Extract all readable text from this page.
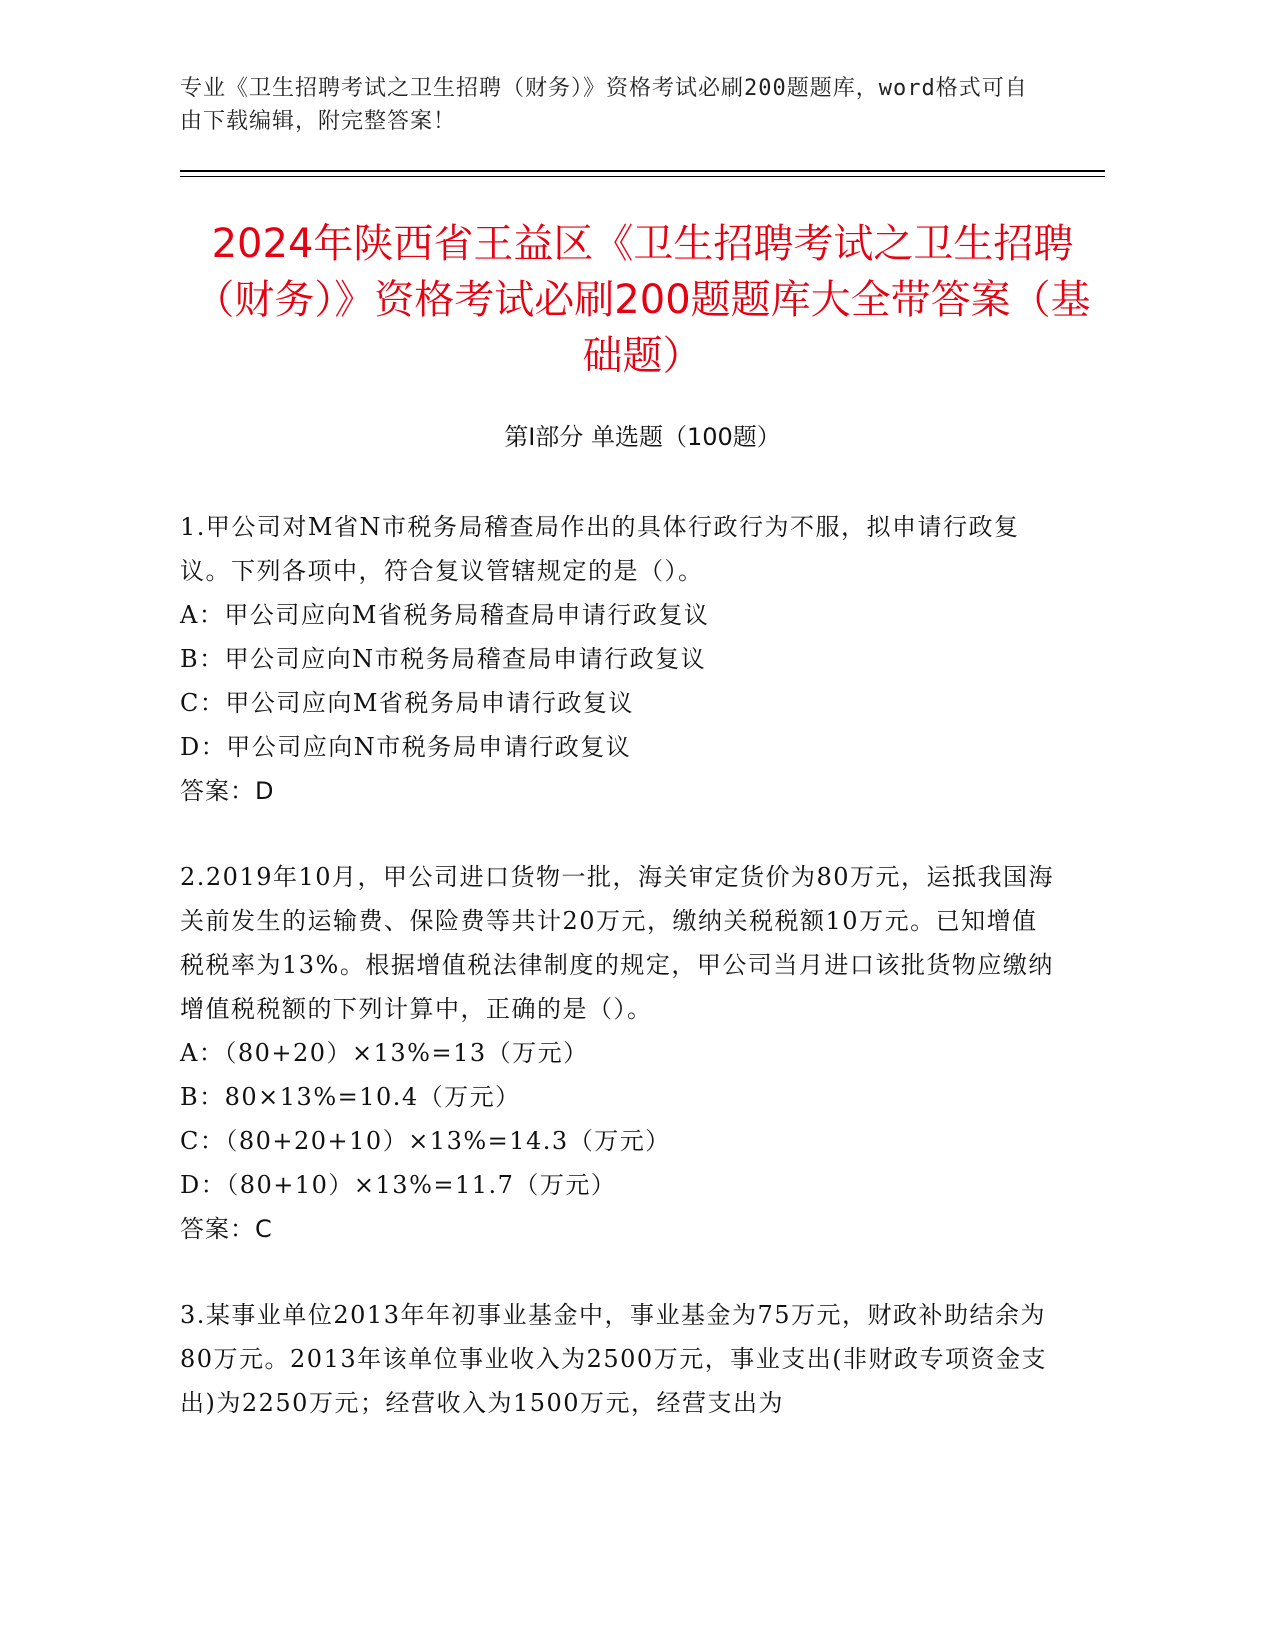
专业《卫生招聘考试之卫生招聘（财务）》资格考试必刷200题题库，word格式可自由下载编辑，附完整答案！
2024年陕西省王益区《卫生招聘考试之卫生招聘（财务）》资格考试必刷200题题库大全带答案（基础题）
第Ⅰ部分 单选题（100题）

1.甲公司对M省N市税务局稽查局作出的具体行政行为不服，拟申请行政复议。下列各项中，符合复议管辖规定的是（）。

A：甲公司应向M省税务局稽查局申请行政复议

B：甲公司应向N市税务局稽查局申请行政复议

C：甲公司应向M省税务局申请行政复议

D：甲公司应向N市税务局申请行政复议

答案：D

2.2019年10月，甲公司进口货物一批，海关审定货价为80万元，运抵我国海关前发生的运输费、保险费等共计20万元，缴纳关税税额10万元。已知增值税税率为13%。根据增值税法律制度的规定，甲公司当月进口该批货物应缴纳增值税税额的下列计算中，正确的是（）。

A：（80+20）×13%=13（万元）

B：80×13%=10.4（万元）

C：（80+20+10）×13%=14.3（万元）

D：（80+10）×13%=11.7（万元）

答案：C

3.某事业单位2013年年初事业基金中，事业基金为75万元，财政补助结余为80万元。2013年该单位事业收入为2500万元，事业支出(非财政专项资金支出)为2250万元；经营收入为1500万元，经营支出为
